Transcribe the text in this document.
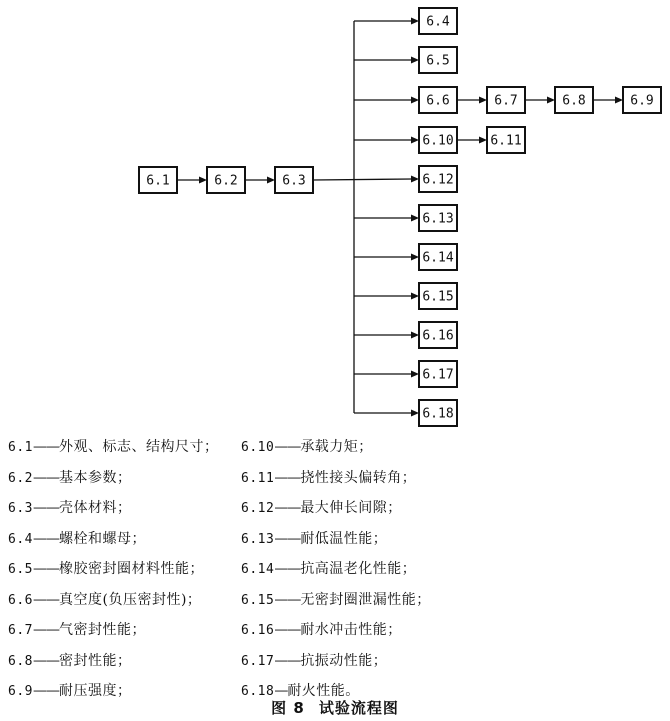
6.1	6.2	6.3
6.4
6.5
6.6	6.7	6.8	6.9
6.10	6.11
6.12
6.13
6.14
6.15
6.16
6.17
6.18
6.1——外观、标志、结构尺寸；
6.2——基本参数；
6.3——壳体材料；
6.4——螺栓和螺母；
6.5——橡胶密封圈材料性能；
6.6——真空度(负压密封性)；
6.7——气密封性能；
6.8——密封性能；
6.9——耐压强度；
6.10——承载力矩；
6.11——挠性接头偏转角；
6.12——最大伸长间隙；
6.13——耐低温性能；
6.14——抗高温老化性能；
6.15——无密封圈泄漏性能；
6.16——耐水冲击性能；
6.17——抗振动性能；
6.18—耐火性能。
图 8 试验流程图
